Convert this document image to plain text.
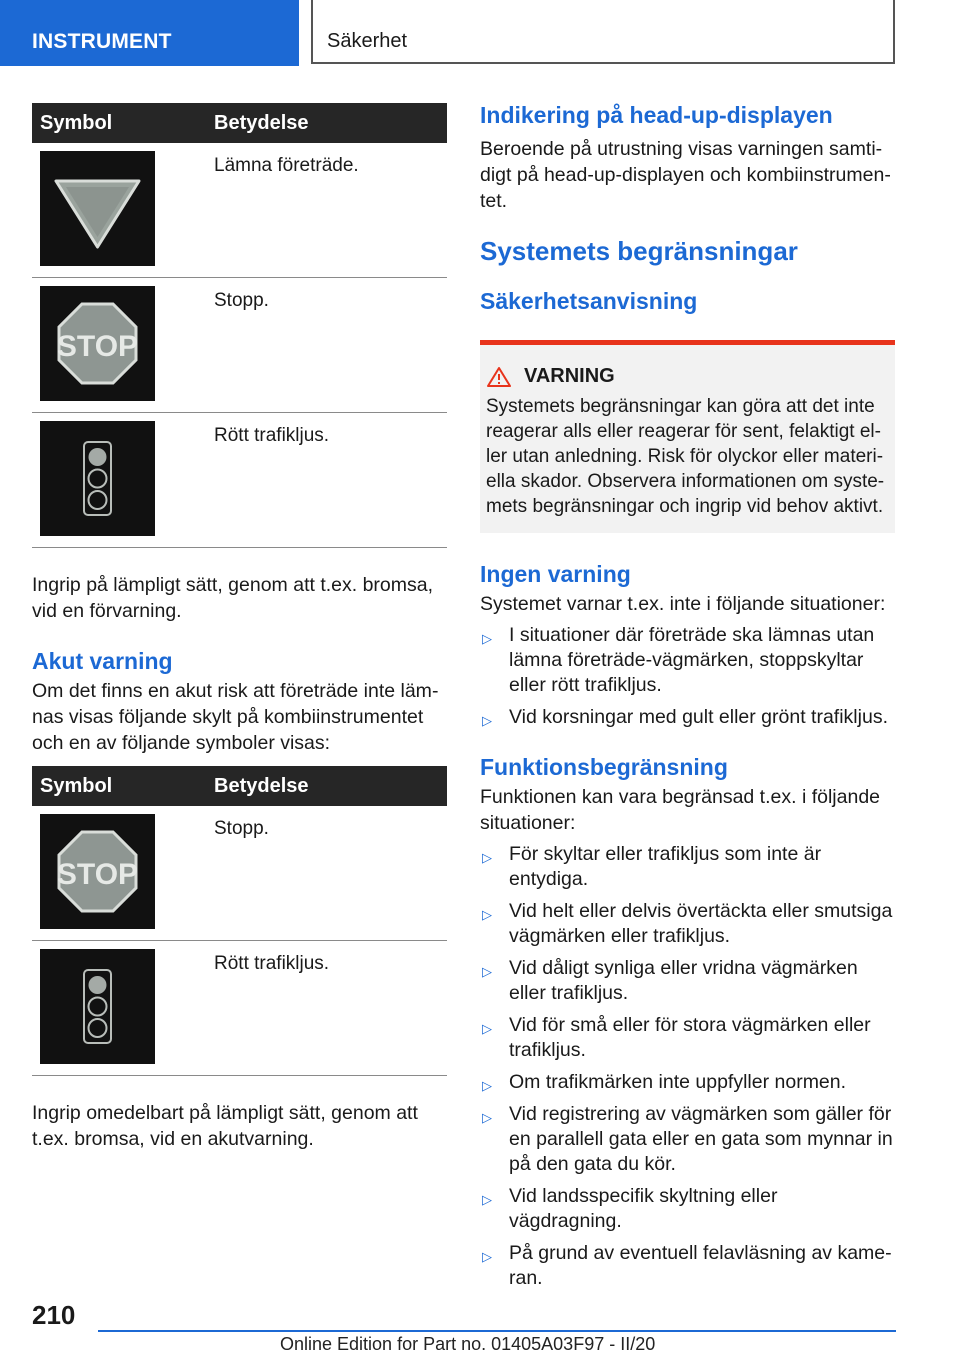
INSTRUMENT	Säkerhet
Symbol	Betydelse

	Lämna företräde.

STOP	Stopp.

	Rött trafikljus.

Ingrip på lämpligt sätt, genom att t.ex. bromsa, vid en förvarning.

Akut varning

Om det finns en akut risk att företräde inte lämnas visas följande skylt på kombiinstrumentet och en av följande symboler visas:

Symbol	Betydelse

STOP	Stopp.

	Rött trafikljus.

Ingrip omedelbart på lämpligt sätt, genom att t.ex. bromsa, vid en akutvarning.

Indikering på head-up-displayen

Beroende på utrustning visas varningen samtidigt på head-up-displayen och kombiinstrumentet.

Systemets begränsningar
Säkerhetsanvisning
VARNING
Systemets begränsningar kan göra att det inte reagerar alls eller reagerar för sent, felaktigt eller utan anledning. Risk för olyckor eller materiella skador. Observera informationen om systemets begränsningar och ingrip vid behov aktivt.
Ingen varning

Systemet varnar t.ex. inte i följande situationer:

▷ I situationer där företräde ska lämnas utan lämna företräde-vägmärken, stoppskyltar eller rött trafikljus.
▷ Vid korsningar med gult eller grönt trafikljus.
Funktionsbegränsning

Funktionen kan vara begränsad t.ex. i följande situationer:

▷ För skyltar eller trafikljus som inte är entydiga.
▷ Vid helt eller delvis övertäckta eller smutsiga vägmärken eller trafikljus.
▷ Vid dåligt synliga eller vridna vägmärken eller trafikljus.
▷ Vid för små eller för stora vägmärken eller trafikljus.
▷ Om trafikmärken inte uppfyller normen.
▷ Vid registrering av vägmärken som gäller för en parallell gata eller en gata som mynnar in på den gata du kör.
▷ Vid landsspecifik skyltning eller vägdragning.
▷ På grund av eventuell felavläsning av kameran.
210
Online Edition for Part no. 01405A03F97 - II/20
